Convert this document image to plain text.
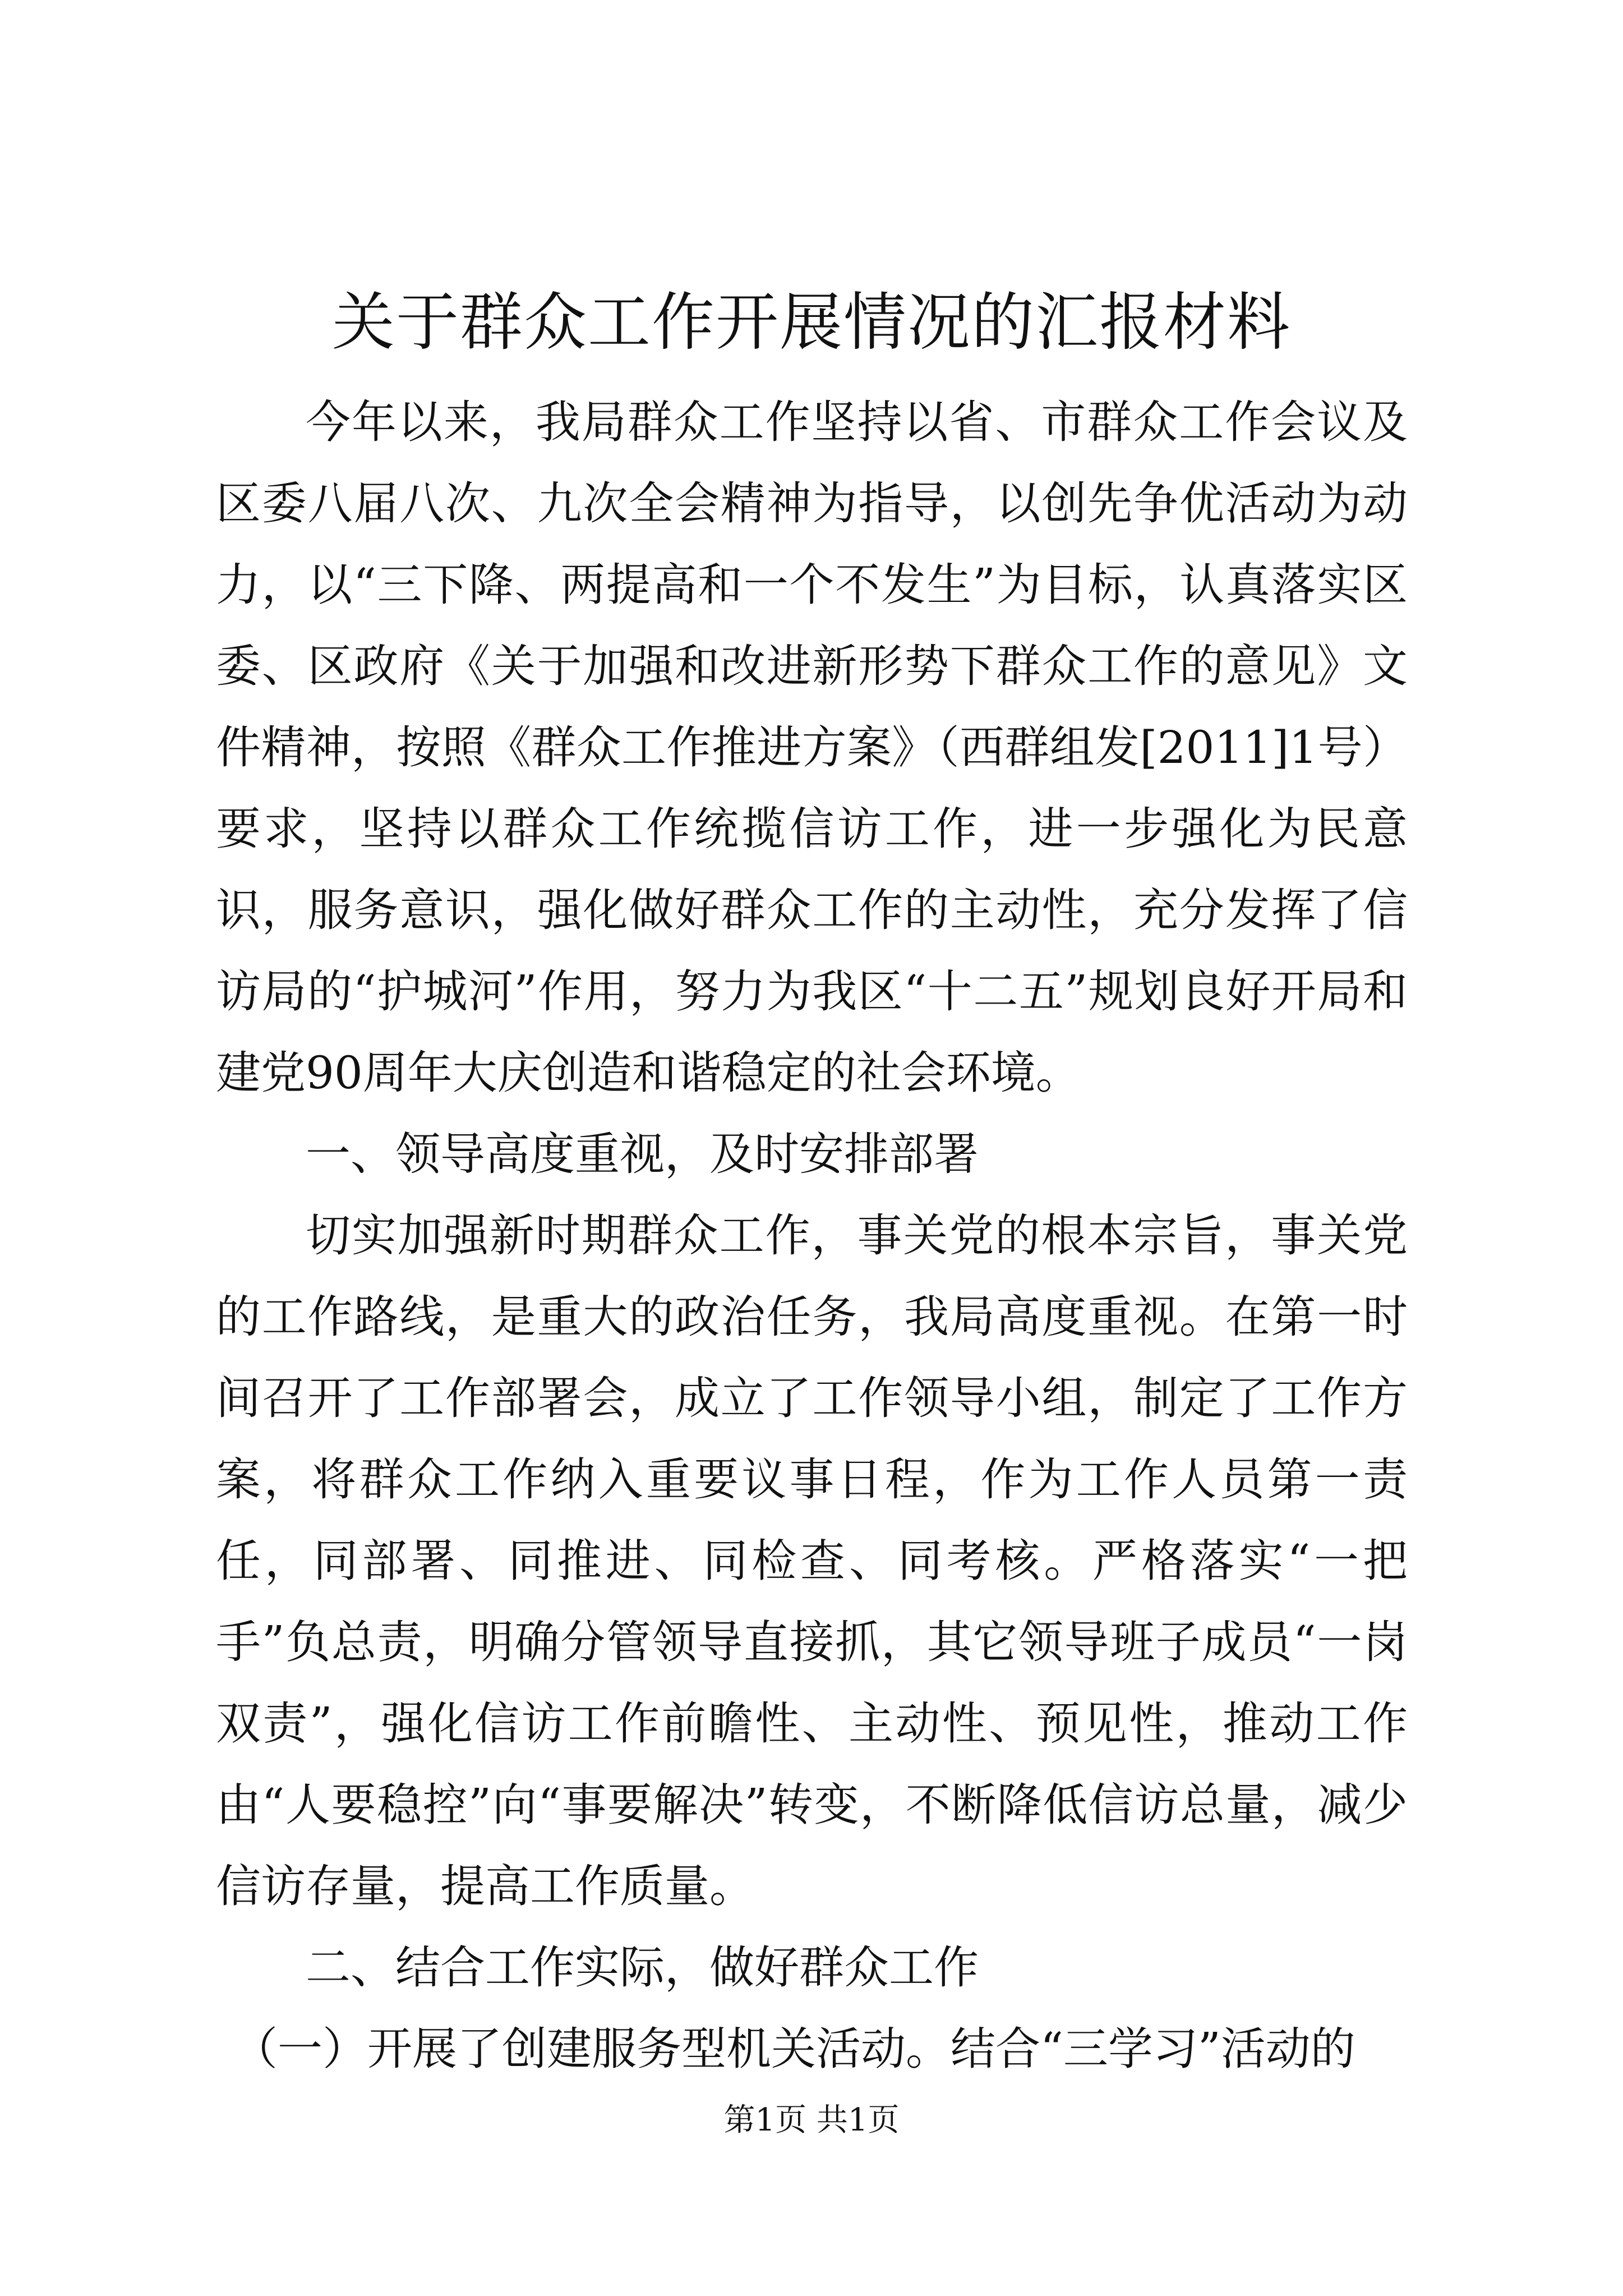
关于群众工作开展情况的汇报材料

今年以来，我局群众工作坚持以省、市群众工作会议及区委八届八次、九次全会精神为指导，以创先争优活动为动力，以“三下降、两提高和一个不发生”为目标，认真落实区委、区政府《关于加强和改进新形势下群众工作的意见》文件精神，按照《群众工作推进方案》（西群组发[2011]1号）要求，坚持以群众工作统揽信访工作，进一步强化为民意识，服务意识，强化做好群众工作的主动性，充分发挥了信访局的“护城河”作用，努力为我区“十二五”规划良好开局和建党90周年大庆创造和谐稳定的社会环境。

一、领导高度重视，及时安排部署

切实加强新时期群众工作，事关党的根本宗旨，事关党的工作路线，是重大的政治任务，我局高度重视。在第一时间召开了工作部署会，成立了工作领导小组，制定了工作方案，将群众工作纳入重要议事日程，作为工作人员第一责任，同部署、同推进、同检查、同考核。严格落实“一把手”负总责，明确分管领导直接抓，其它领导班子成员“一岗双责”，强化信访工作前瞻性、主动性、预见性，推动工作由“人要稳控”向“事要解决”转变，不断降低信访总量，减少信访存量，提高工作质量。

二、结合工作实际，做好群众工作

（一）开展了创建服务型机关活动。结合“三学习”活动的

第1页 共1页
